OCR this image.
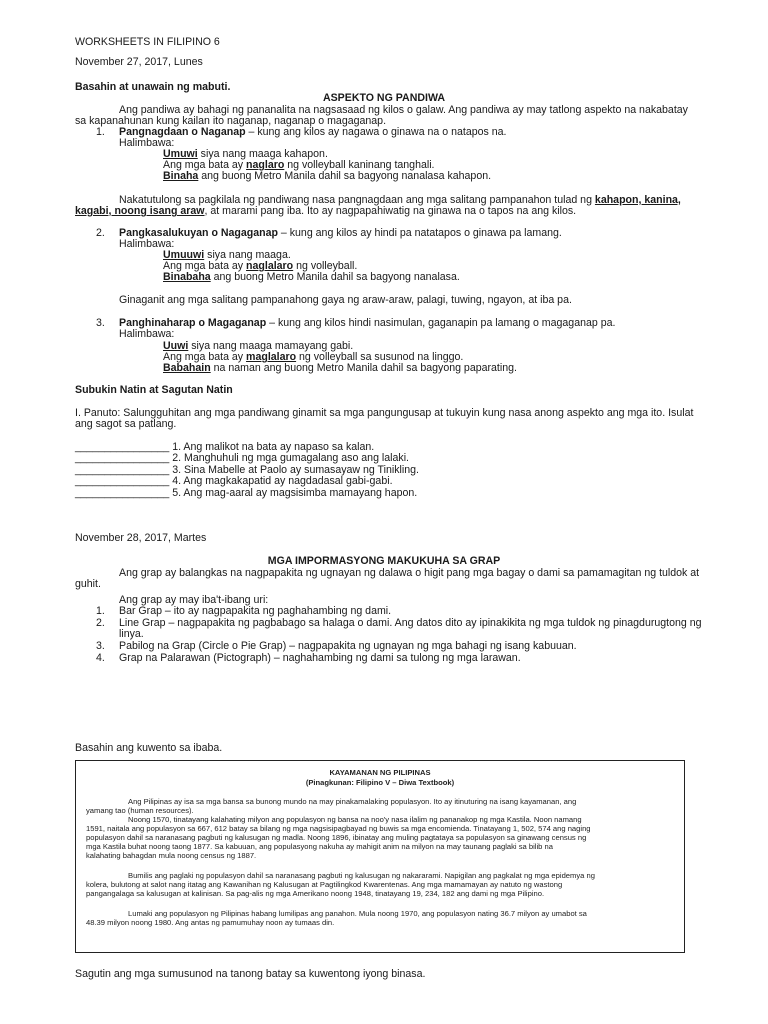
WORKSHEETS IN FILIPINO 6
November 27, 2017, Lunes
Basahin at unawain ng mabuti.
ASPEKTO NG PANDIWA
Ang pandiwa ay bahagi ng pananalita na nagsasaad ng kilos o galaw. Ang pandiwa ay may tatlong aspekto na nakabatay
sa kapanahunan kung kailan ito naganap, naganap o magaganap.
1. Pangnagdaan o Naganap – kung ang kilos ay nagawa o ginawa na o natapos na.
Halimbawa:
Umuwi siya nang maaga kahapon.
Ang mga bata ay naglaro ng volleyball kaninang tanghali.
Binaha ang buong Metro Manila dahil sa bagyong nanalasa kahapon.
Nakatutulong sa pagkilala ng pandiwang nasa pangnagdaan ang mga salitang pampanahon tulad ng kahapon, kanina,
kagabi, noong isang araw, at marami pang iba. Ito ay nagpapahiwatig na ginawa na o tapos na ang kilos.
2. Pangkasalukuyan o Nagaganap – kung ang kilos ay hindi pa natatapos o ginawa pa lamang.
Halimbawa:
Umuuwi siya nang maaga.
Ang mga bata ay naglalaro ng volleyball.
Binabaha ang buong Metro Manila dahil sa bagyong nanalasa.
Ginaganit ang mga salitang pampanahong gaya ng araw-araw, palagi, tuwing, ngayon, at iba pa.
3. Panghinaharap o Magaganap – kung ang kilos hindi nasimulan, gaganapin pa lamang o magaganap pa.
Halimbawa:
Uuwi siya nang maaga mamayang gabi.
Ang mga bata ay maglalaro ng volleyball sa susunod na linggo.
Babahain na naman ang buong Metro Manila dahil sa bagyong paparating.
Subukin Natin at Sagutan Natin
I. Panuto: Salungguhitan ang mga pandiwang ginamit sa mga pangungusap at tukuyin kung nasa anong aspekto ang mga ito. Isulat
ang sagot sa patlang.
________________ 1. Ang malikot na bata ay napaso sa kalan.
________________ 2. Manghuhuli ng mga gumagalang aso ang lalaki.
________________ 3. Sina Mabelle at Paolo ay sumasayaw ng Tinikling.
________________ 4. Ang magkakapatid ay nagdadasal gabi-gabi.
________________ 5. Ang mag-aaral ay magsisimba mamayang hapon.
November 28, 2017, Martes
MGA IMPORMASYONG MAKUKUHA SA GRAP
Ang grap ay balangkas na nagpapakita ng ugnayan ng dalawa o higit pang mga bagay o dami sa pamamagitan ng tuldok at
guhit.
Ang grap ay may iba't-ibang uri:
1. Bar Grap – ito ay nagpapakita ng paghahambing ng dami.
2. Line Grap – nagpapakita ng pagbabago sa halaga o dami. Ang datos dito ay ipinakikita ng mga tuldok ng pinagdurugtong ng
linya.
3. Pabilog na Grap (Circle o Pie Grap) – nagpapakita ng ugnayan ng mga bahagi ng isang kabuuan.
4. Grap na Palarawan (Pictograph) – naghahambing ng dami sa tulong ng mga larawan.
Basahin ang kuwento sa ibaba.
KAYAMANAN NG PILIPINAS
(Pinagkunan: Filipino V – Diwa Textbook)
Ang Pilipinas ay isa sa mga bansa sa bunong mundo na may pinakamalaking populasyon. Ito ay itinuturing na isang kayamanan, ang
yamang tao (human resources).
Noong 1570, tinatayang kalahating milyon ang populasyon ng bansa na noo'y nasa ilalim ng pananakop ng mga Kastila. Noon namang
1591, naitala ang populasyon sa 667, 612 batay sa bilang ng mga nagsisipagbayad ng buwis sa mga encomienda. Tinatayang 1, 502, 574 ang naging
populasyon dahil sa naranasang pagbuti ng kalusugan ng madla. Noong 1896, ibinatay ang muling pagtataya sa populasyon sa ginawang census ng
mga Kastila buhat noong taong 1877. Sa kabuuan, ang populasyong nakuha ay mahigit anim na milyon na may taunang paglaki sa bilib na
kalahating bahagdan mula noong census ng 1887.
Bumilis ang paglaki ng populasyon dahil sa naranasang pagbuti ng kalusugan ng nakararami. Napigilan ang pagkalat ng mga epidemya ng
kolera, bulutong at salot nang itatag ang Kawanihan ng Kalusugan at Pagtilingkod Kwarentenas. Ang mga mamamayan ay natuto ng wastong
pangangalaga sa kalusugan at kalinisan. Sa pag-alis ng mga Amerikano noong 1948, tinatayang 19, 234, 182 ang dami ng mga Pilipino.
Lumaki ang populasyon ng Pilipinas habang lumilipas ang panahon. Mula noong 1970, ang populasyon nating 36.7 milyon ay umabot sa
48.39 milyon noong 1980. Ang antas ng pamumuhay noon ay tumaas din.
Sagutin ang mga sumusunod na tanong batay sa kuwentong iyong binasa.
